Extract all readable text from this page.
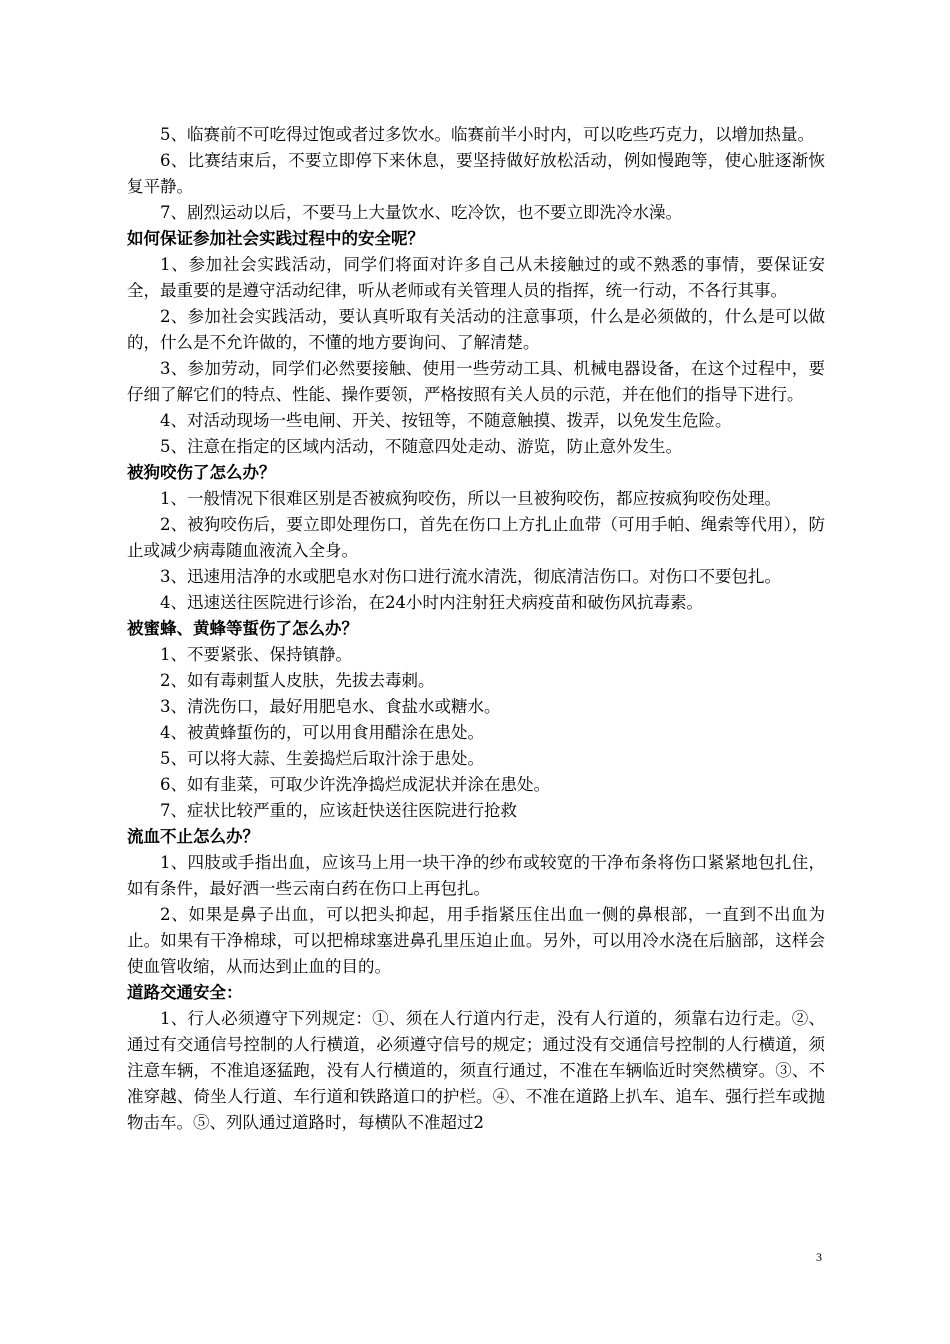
5、临赛前不可吃得过饱或者过多饮水。临赛前半小时内，可以吃些巧克力，以增加热量。

6、比赛结束后，不要立即停下来休息，要坚持做好放松活动，例如慢跑等，使心脏逐渐恢复平静。

7、剧烈运动以后，不要马上大量饮水、吃冷饮，也不要立即洗冷水澡。

如何保证参加社会实践过程中的安全呢？

1、参加社会实践活动，同学们将面对许多自己从未接触过的或不熟悉的事情，要保证安全，最重要的是遵守活动纪律，听从老师或有关管理人员的指挥，统一行动，不各行其事。

2、参加社会实践活动，要认真听取有关活动的注意事项，什么是必须做的，什么是可以做的，什么是不允许做的，不懂的地方要询问、了解清楚。

3、参加劳动，同学们必然要接触、使用一些劳动工具、机械电器设备，在这个过程中，要仔细了解它们的特点、性能、操作要领，严格按照有关人员的示范，并在他们的指导下进行。

4、对活动现场一些电闸、开关、按钮等，不随意触摸、拨弄，以免发生危险。

5、注意在指定的区域内活动，不随意四处走动、游览，防止意外发生。

被狗咬伤了怎么办？

1、一般情况下很难区别是否被疯狗咬伤，所以一旦被狗咬伤，都应按疯狗咬伤处理。

2、被狗咬伤后，要立即处理伤口，首先在伤口上方扎止血带（可用手帕、绳索等代用），防止或减少病毒随血液流入全身。

3、迅速用洁净的水或肥皂水对伤口进行流水清洗，彻底清洁伤口。对伤口不要包扎。

4、迅速送往医院进行诊治，在24小时内注射狂犬病疫苗和破伤风抗毒素。

被蜜蜂、黄蜂等蜇伤了怎么办？

1、不要紧张、保持镇静。

2、如有毒刺蜇人皮肤，先拔去毒刺。

3、清洗伤口，最好用肥皂水、食盐水或糖水。

4、被黄蜂蜇伤的，可以用食用醋涂在患处。

5、可以将大蒜、生姜捣烂后取汁涂于患处。

6、如有韭菜，可取少许洗净捣烂成泥状并涂在患处。

7、症状比较严重的，应该赶快送往医院进行抢救

流血不止怎么办？

1、四肢或手指出血，应该马上用一块干净的纱布或较宽的干净布条将伤口紧紧地包扎住，如有条件，最好洒一些云南白药在伤口上再包扎。

2、如果是鼻子出血，可以把头抑起，用手指紧压住出血一侧的鼻根部，一直到不出血为止。如果有干净棉球，可以把棉球塞进鼻孔里压迫止血。另外，可以用冷水浇在后脑部，这样会使血管收缩，从而达到止血的目的。

道路交通安全：

1、行人必须遵守下列规定：①、须在人行道内行走，没有人行道的，须靠右边行走。②、通过有交通信号控制的人行横道，必须遵守信号的规定；通过没有交通信号控制的人行横道，须注意车辆，不准追逐猛跑，没有人行横道的，须直行通过，不准在车辆临近时突然横穿。③、不准穿越、倚坐人行道、车行道和铁路道口的护栏。④、不准在道路上扒车、追车、强行拦车或抛物击车。⑤、列队通过道路时，每横队不准超过2

3
